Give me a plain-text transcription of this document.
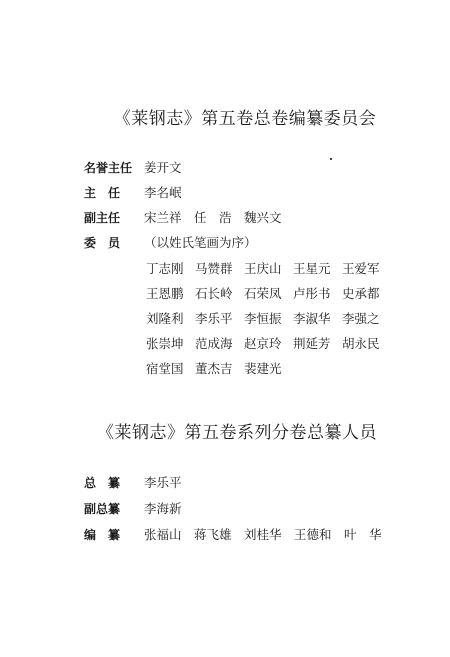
《莱钢志》第五卷总卷编纂委员会
名誉主任 姜开文
主　任 李名岷
副主任 宋兰祥　任　浩　魏兴文
委　员 （以姓氏笔画为序）
丁志刚 马赞群 王庆山 王星元 王爱军
王恩鹏 石长岭 石荣凤 卢彤书 史承都
刘隆利 李乐平 李恒振 李淑华 李强之
张崇坤 范成海 赵京玲 荆延芳 胡永民
宿堂国 董杰吉 裴建光
《莱钢志》第五卷系列分卷总纂人员
总　纂 李乐平
副总纂 李海新
编　纂 张福山　蒋飞雄　刘桂华　王德和　叶　华
